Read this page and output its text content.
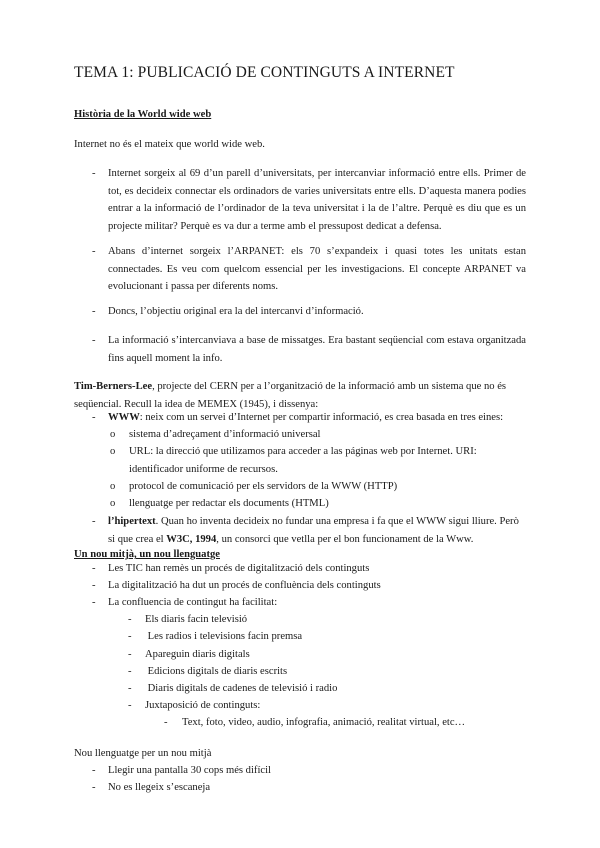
TEMA 1: PUBLICACIÓ DE CONTINGUTS A INTERNET
Història de la World wide web
Internet no és el mateix que world wide web.
- Internet sorgeix al 69 d’un parell d’universitats, per intercanviar informació entre ells. Primer de tot, es decideix connectar els ordinadors de varies universitats entre ells. D’aquesta manera podies entrar a la informació de l’ordinador de la teva universitat i la de l’altre. Perquè es diu que es un projecte militar? Perquè es va dur a terme amb el pressupost dedicat a defensa.
- Abans d’internet sorgeix l’ARPANET: els 70 s’expandeix i quasi totes les unitats estan connectades. Es veu com quelcom essencial per les investigacions. El concepte ARPANET va evolucionant i passa per diferents noms.
- Doncs, l’objectiu original era la del intercanvi d’informació.
- La informació s’intercanviava a base de missatges. Era bastant seqüencial com estava organitzada fins aquell moment la info.
Tim-Berners-Lee, projecte del CERN per a l’organització de la informació amb un sistema que no és seqüencial. Recull la idea de MEMEX (1945), i dissenya:
- WWW: neix com un servei d’Internet per compartir informació, es crea basada en tres eines:
o sistema d’adreçament d’informació universal
o URL: la direcció que utilizamos para acceder a las páginas web por Internet. URI: identificador uniforme de recursos.
o protocol de comunicació per els servidors de la WWW (HTTP)
o llenguatge per redactar els documents (HTML)
- l’hipertext. Quan ho inventa decideix no fundar una empresa i fa que el WWW sigui lliure. Però si que crea el W3C, 1994, un consorci que vetlla per el bon funcionament de la Www.
Un nou mitjà, un nou llenguatge
- Les TIC han remès un procés de digitalització dels continguts
- La digitalització ha dut un procés de confluència dels continguts
- La confluencia de contingut ha facilitat:
- Els diaris facin televisió
- Les radios i televisions facin premsa
- Apareguin diaris digitals
- Edicions digitals de diaris escrits
- Diaris digitals de cadenes de televisió i radio
- Juxtaposició de continguts:
- Text, foto, video, audio, infografia, animació, realitat virtual, etc…
Nou llenguatge per un nou mitjà
- Llegir una pantalla 30 cops més difícil
- No es llegeix s’escaneja
